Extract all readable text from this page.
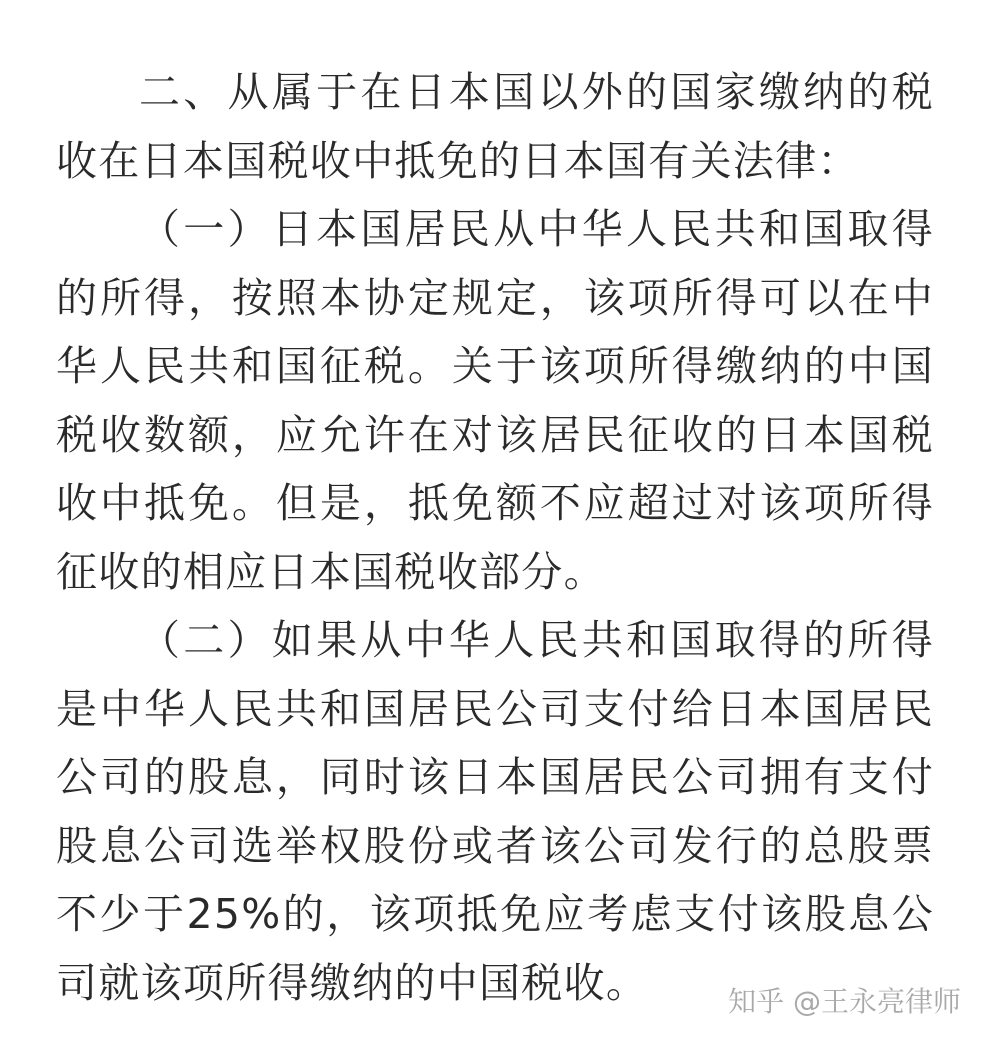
二、从属于在日本国以外的国家缴纳的税收在日本国税收中抵免的日本国有关法律：

（一）日本国居民从中华人民共和国取得的所得，按照本协定规定，该项所得可以在中华人民共和国征税。关于该项所得缴纳的中国税收数额，应允许在对该居民征收的日本国税收中抵免。但是，抵免额不应超过对该项所得征收的相应日本国税收部分。

（二）如果从中华人民共和国取得的所得是中华人民共和国居民公司支付给日本国居民公司的股息，同时该日本国居民公司拥有支付股息公司选举权股份或者该公司发行的总股票不少于25%的，该项抵免应考虑支付该股息公司就该项所得缴纳的中国税收。	知乎 @王永亮律师
